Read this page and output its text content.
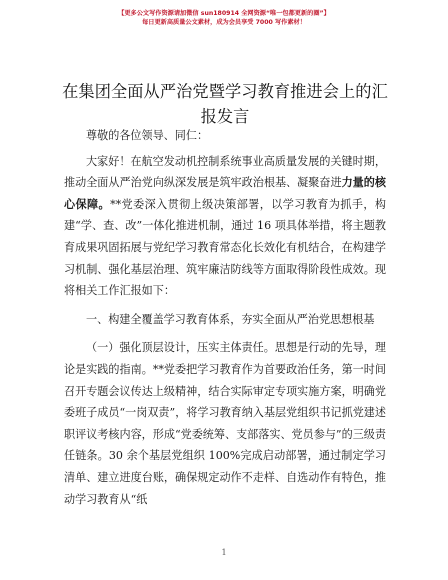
【更多公文写作资源请加微信 sun180914 全网资源“唯一包都更新的圈”】
每日更新高质量公文素材，成为会员享受 7000 写作素材！
在集团全面从严治党暨学习教育推进会上的汇报发言

尊敬的各位领导、同仁：

大家好！在航空发动机控制系统事业高质量发展的关键时期，推动全面从严治党向纵深发展是筑牢政治根基、凝聚奋进力量的核心保障。**党委深入贯彻上级决策部署，以学习教育为抓手，构建“学、查、改”一体化推进机制，通过 16 项具体举措，将主题教育成果巩固拓展与党纪学习教育常态化长效化有机结合，在构建学习机制、强化基层治理、筑牢廉洁防线等方面取得阶段性成效。现将相关工作汇报如下：

一、构建全覆盖学习教育体系，夯实全面从严治党思想根基

（一）强化顶层设计，压实主体责任。思想是行动的先导，理论是实践的指南。**党委把学习教育作为首要政治任务，第一时间召开专题会议传达上级精神，结合实际审定专项实施方案，明确党委班子成员“一岗双责”，将学习教育纳入基层党组织书记抓党建述职评议考核内容，形成“党委统筹、支部落实、党员参与”的三级责任链条。30 余个基层党组织 100%完成启动部署，通过制定学习清单、建立进度台账，确保规定动作不走样、自选动作有特色，推动学习教育从“纸

1
